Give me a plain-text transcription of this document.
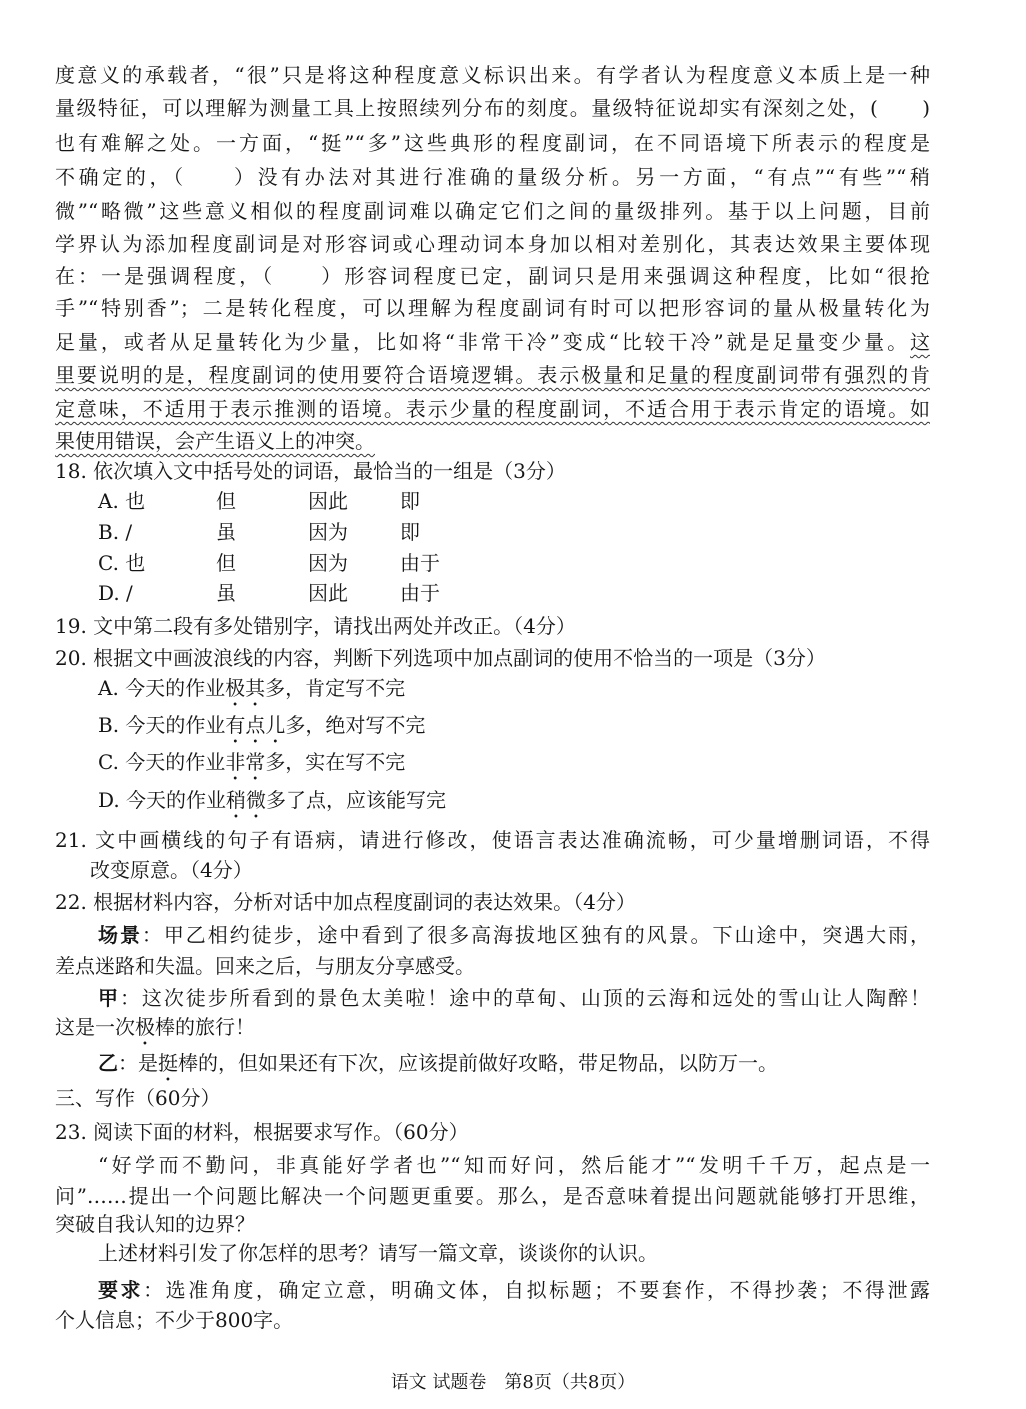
度意义的承载者，“很”只是将这种程度意义标识出来。有学者认为程度意义本质上是一种
量级特征，可以理解为测量工具上按照续列分布的刻度。量级特征说却实有深刻之处，(　　)
也有难解之处。一方面，“挺”“多”这些典形的程度副词，在不同语境下所表示的程度是
不确定的，（　　）没有办法对其进行准确的量级分析。另一方面，“有点”“有些”“稍
微”“略微”这些意义相似的程度副词难以确定它们之间的量级排列。基于以上问题，目前
学界认为添加程度副词是对形容词或心理动词本身加以相对差别化，其表达效果主要体现
在：一是强调程度，（　　）形容词程度已定，副词只是用来强调这种程度，比如“很抢
手”“特别香”；二是转化程度，可以理解为程度副词有时可以把形容词的量从极量转化为
足量，或者从足量转化为少量，比如将“非常干冷”变成“比较干冷”就是足量变少量。这
里要说明的是，程度副词的使用要符合语境逻辑。表示极量和足量的程度副词带有强烈的肯
定意味，不适用于表示推测的语境。表示少量的程度副词，不适合用于表示肯定的语境。如
果使用错误，会产生语义上的冲突。
18. 依次填入文中括号处的词语，最恰当的一组是（3分）
A. 也	但	因此	即
B. /	虽	因为	即
C. 也	但	因为	由于
D. /	虽	因此	由于
19. 文中第二段有多处错别字，请找出两处并改正。（4分）
20. 根据文中画波浪线的内容，判断下列选项中加点副词的使用不恰当的一项是（3分）
A. 今天的作业极其多，肯定写不完
B. 今天的作业有点儿多，绝对写不完
C. 今天的作业非常多，实在写不完
D. 今天的作业稍微多了点，应该能写完
21. 文中画横线的句子有语病，请进行修改，使语言表达准确流畅，可少量增删词语，不得
改变原意。（4分）
22. 根据材料内容，分析对话中加点程度副词的表达效果。（4分）
场景：甲乙相约徒步，途中看到了很多高海拔地区独有的风景。下山途中，突遇大雨，
差点迷路和失温。回来之后，与朋友分享感受。
甲：这次徒步所看到的景色太美啦！途中的草甸、山顶的云海和远处的雪山让人陶醉！
这是一次极棒的旅行！
乙：是挺棒的，但如果还有下次，应该提前做好攻略，带足物品，以防万一。
三、写作（60分）
23. 阅读下面的材料，根据要求写作。（60分）
“好学而不勤问，非真能好学者也”“知而好问，然后能才”“发明千千万，起点是一
问”……提出一个问题比解决一个问题更重要。那么，是否意味着提出问题就能够打开思维，
突破自我认知的边界？
上述材料引发了你怎样的思考？请写一篇文章，谈谈你的认识。
要求：选准角度，确定立意，明确文体，自拟标题；不要套作，不得抄袭；不得泄露
个人信息；不少于800字。
语文 试题卷　第8页（共8页）
